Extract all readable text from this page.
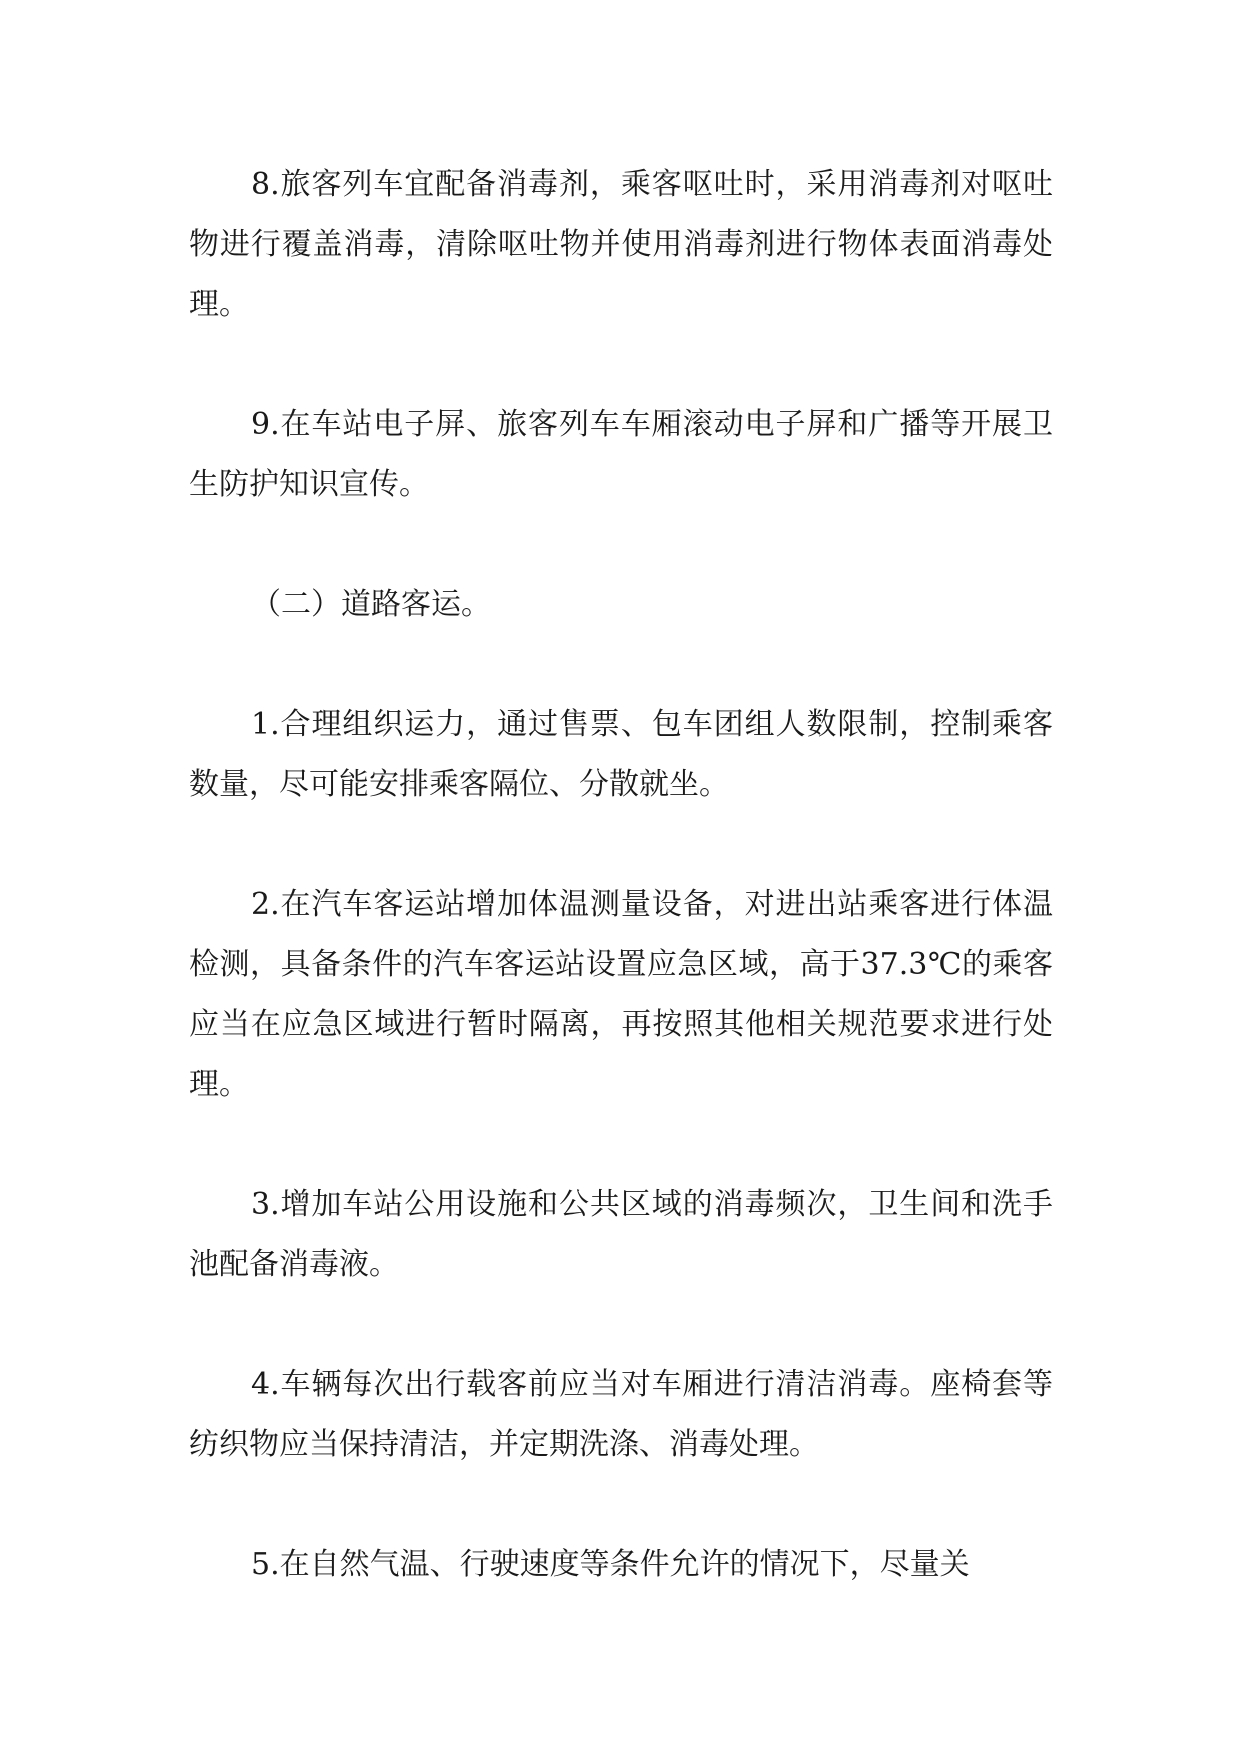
8.旅客列车宜配备消毒剂，乘客呕吐时，采用消毒剂对呕吐物进行覆盖消毒，清除呕吐物并使用消毒剂进行物体表面消毒处理。

9.在车站电子屏、旅客列车车厢滚动电子屏和广播等开展卫生防护知识宣传。

（二）道路客运。

1.合理组织运力，通过售票、包车团组人数限制，控制乘客数量，尽可能安排乘客隔位、分散就坐。

2.在汽车客运站增加体温测量设备，对进出站乘客进行体温检测，具备条件的汽车客运站设置应急区域，高于37.3℃的乘客应当在应急区域进行暂时隔离，再按照其他相关规范要求进行处理。

3.增加车站公用设施和公共区域的消毒频次，卫生间和洗手池配备消毒液。

4.车辆每次出行载客前应当对车厢进行清洁消毒。座椅套等纺织物应当保持清洁，并定期洗涤、消毒处理。

5.在自然气温、行驶速度等条件允许的情况下，尽量关
